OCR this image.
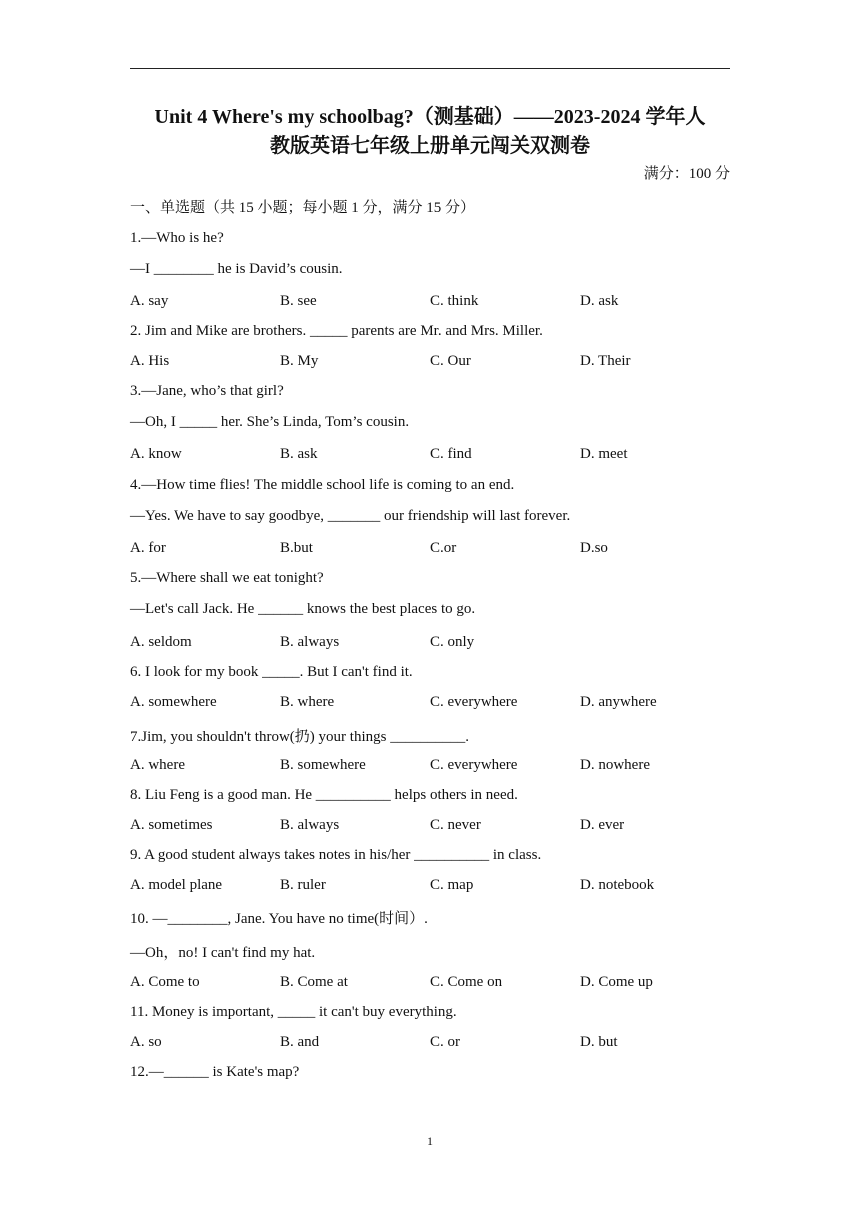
Unit 4 Where's my schoolbag?（测基础）——2023-2024 学年人
教版英语七年级上册单元闯关双测卷
满分：100 分
一、单选题（共 15 小题；每小题 1 分，满分 15 分）
1.—Who is he?
—I ________ he is David’s cousin.
A. say	B. see	C. think	D. ask
2. Jim and Mike are brothers. _____ parents are Mr. and Mrs. Miller.
A. His	B. My	C. Our	D. Their
3.—Jane, who’s that girl?
—Oh, I _____ her. She’s Linda, Tom’s cousin.
A. know	B. ask	C. find	D. meet
4.—How time flies! The middle school life is coming to an end.
—Yes. We have to say goodbye, _______ our friendship will last forever.
A. for	B.but	C.or	D.so
5.—Where shall we eat tonight?
—Let's call Jack. He ______ knows the best places to go.
A. seldom	B. always	C. only
6. I look for my book _____. But I can't find it.
A. somewhere	B. where	C. everywhere	D. anywhere
7.Jim, you shouldn't throw(扔) your things __________.
A. where	B. somewhere	C. everywhere	D. nowhere
8. Liu Feng is a good man. He __________ helps others in need.
A. sometimes	B. always	C. never	D. ever
9. A good student always takes notes in his/her __________ in class.
A. model plane	B. ruler	C. map	D. notebook
10. —________, Jane. You have no time(时间）.
—Oh，no! I can't find my hat.
A. Come to	B. Come at	C. Come on	D. Come up
11. Money is important, _____ it can't buy everything.
A. so	B. and	C. or	D. but
12.—______ is Kate's map?
1
